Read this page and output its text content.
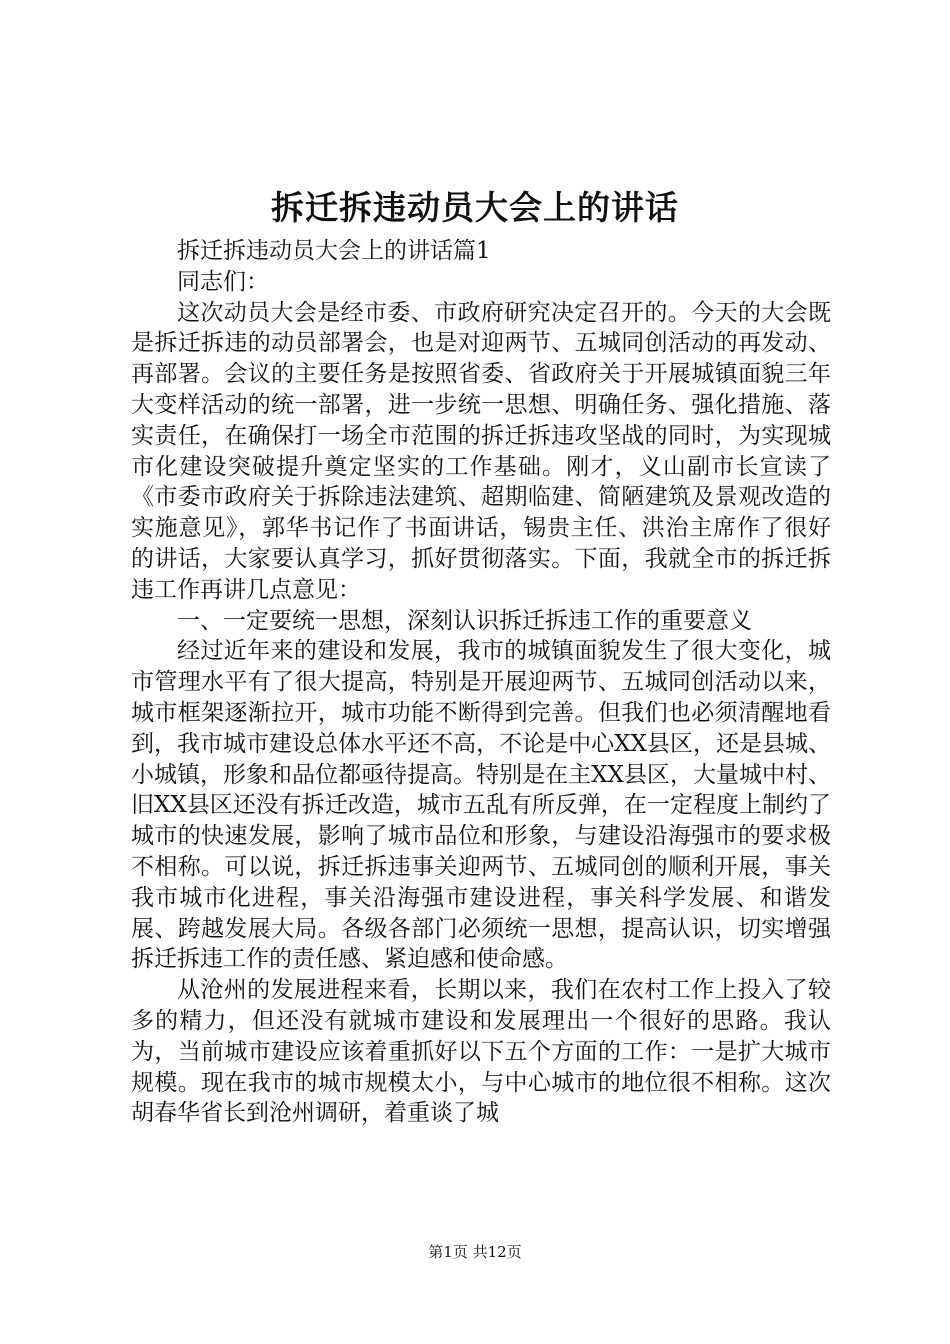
拆迁拆违动员大会上的讲话

拆迁拆违动员大会上的讲话篇1

同志们：

这次动员大会是经市委、市政府研究决定召开的。今天的大会既是拆迁拆违的动员部署会，也是对迎两节、五城同创活动的再发动、再部署。会议的主要任务是按照省委、省政府关于开展城镇面貌三年大变样活动的统一部署，进一步统一思想、明确任务、强化措施、落实责任，在确保打一场全市范围的拆迁拆违攻坚战的同时，为实现城市化建设突破提升奠定坚实的工作基础。刚才，义山副市长宣读了《市委市政府关于拆除违法建筑、超期临建、简陋建筑及景观改造的实施意见》，郭华书记作了书面讲话，锡贵主任、洪治主席作了很好的讲话，大家要认真学习，抓好贯彻落实。下面，我就全市的拆迁拆违工作再讲几点意见：

一、一定要统一思想，深刻认识拆迁拆违工作的重要意义

经过近年来的建设和发展，我市的城镇面貌发生了很大变化，城市管理水平有了很大提高，特别是开展迎两节、五城同创活动以来，城市框架逐渐拉开，城市功能不断得到完善。但我们也必须清醒地看到，我市城市建设总体水平还不高，不论是中心XX县区，还是县城、小城镇，形象和品位都亟待提高。特别是在主XX县区，大量城中村、旧XX县区还没有拆迁改造，城市五乱有所反弹，在一定程度上制约了城市的快速发展，影响了城市品位和形象，与建设沿海强市的要求极不相称。可以说，拆迁拆违事关迎两节、五城同创的顺利开展，事关我市城市化进程，事关沿海强市建设进程，事关科学发展、和谐发展、跨越发展大局。各级各部门必须统一思想，提高认识，切实增强拆迁拆违工作的责任感、紧迫感和使命感。

从沧州的发展进程来看，长期以来，我们在农村工作上投入了较多的精力，但还没有就城市建设和发展理出一个很好的思路。我认为，当前城市建设应该着重抓好以下五个方面的工作：一是扩大城市规模。现在我市的城市规模太小，与中心城市的地位很不相称。这次胡春华省长到沧州调研，着重谈了城

第1页 共12页
